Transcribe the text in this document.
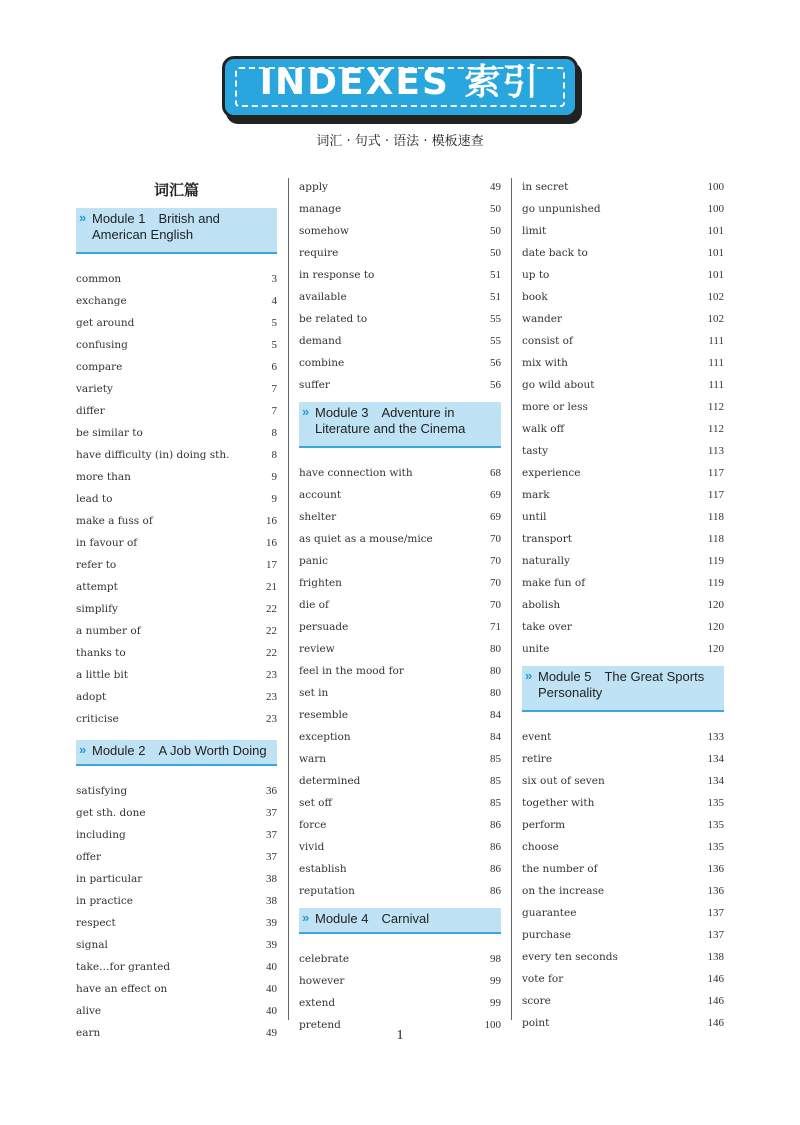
INDEXES 索引
词汇 · 句式 · 语法 · 模板速查
词汇篇
» Module 1　British and American English
common	3
exchange	4
get around	5
confusing	5
compare	6
variety	7
differ	7
be similar to	8
have difficulty (in) doing sth.	8
more than	9
lead to	9
make a fuss of	16
in favour of	16
refer to	17
attempt	21
simplify	22
a number of	22
thanks to	22
a little bit	23
adopt	23
criticise	23
» Module 2　A Job Worth Doing
satisfying	36
get sth. done	37
including	37
offer	37
in particular	38
in practice	38
respect	39
signal	39
take…for granted	40
have an effect on	40
alive	40
earn	49
apply	49
manage	50
somehow	50
require	50
in response to	51
available	51
be related to	55
demand	55
combine	56
suffer	56
» Module 3　Adventure in Literature and the Cinema
have connection with	68
account	69
shelter	69
as quiet as a mouse/mice	70
panic	70
frighten	70
die of	70
persuade	71
review	80
feel in the mood for	80
set in	80
resemble	84
exception	84
warn	85
determined	85
set off	85
force	86
vivid	86
establish	86
reputation	86
» Module 4　Carnival
celebrate	98
however	99
extend	99
pretend	100
in secret	100
go unpunished	100
limit	101
date back to	101
up to	101
book	102
wander	102
consist of	111
mix with	111
go wild about	111
more or less	112
walk off	112
tasty	113
experience	117
mark	117
until	118
transport	118
naturally	119
make fun of	119
abolish	120
take over	120
unite	120
» Module 5　The Great Sports Personality
event	133
retire	134
six out of seven	134
together with	135
perform	135
choose	135
the number of	136
on the increase	136
guarantee	137
purchase	137
every ten seconds	138
vote for	146
score	146
point	146
1
